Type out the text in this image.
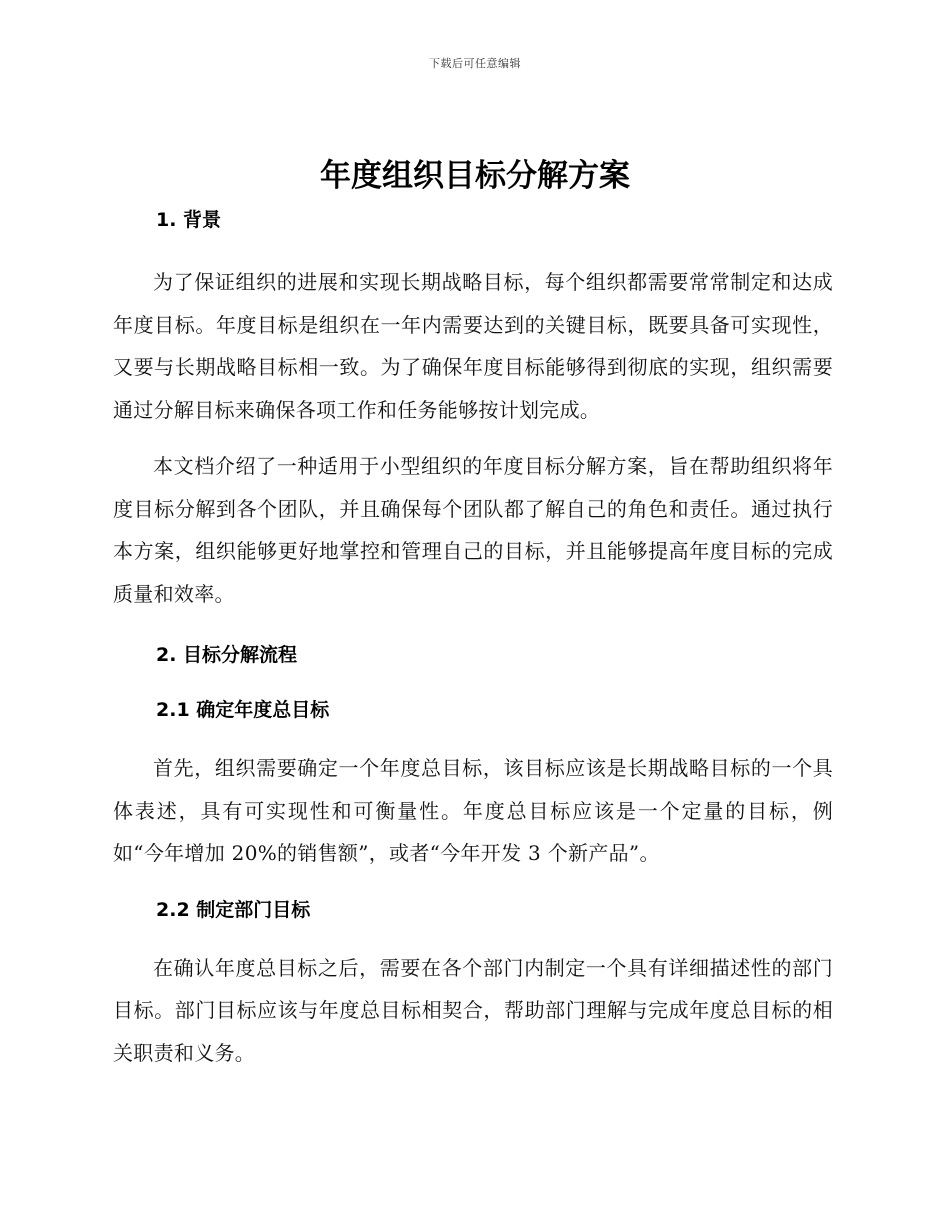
下载后可任意编辑
年度组织目标分解方案
1. 背景

为了保证组织的进展和实现长期战略目标，每个组织都需要常常制定和达成年度目标。年度目标是组织在一年内需要达到的关键目标，既要具备可实现性，又要与长期战略目标相一致。为了确保年度目标能够得到彻底的实现，组织需要通过分解目标来确保各项工作和任务能够按计划完成。

本文档介绍了一种适用于小型组织的年度目标分解方案，旨在帮助组织将年度目标分解到各个团队，并且确保每个团队都了解自己的角色和责任。通过执行本方案，组织能够更好地掌控和管理自己的目标，并且能够提高年度目标的完成质量和效率。

2. 目标分解流程
2.1 确定年度总目标

首先，组织需要确定一个年度总目标，该目标应该是长期战略目标的一个具体表述，具有可实现性和可衡量性。年度总目标应该是一个定量的目标，例如“今年增加 20%的销售额”，或者“今年开发 3 个新产品”。

2.2 制定部门目标

在确认年度总目标之后，需要在各个部门内制定一个具有详细描述性的部门目标。部门目标应该与年度总目标相契合，帮助部门理解与完成年度总目标的相关职责和义务。
